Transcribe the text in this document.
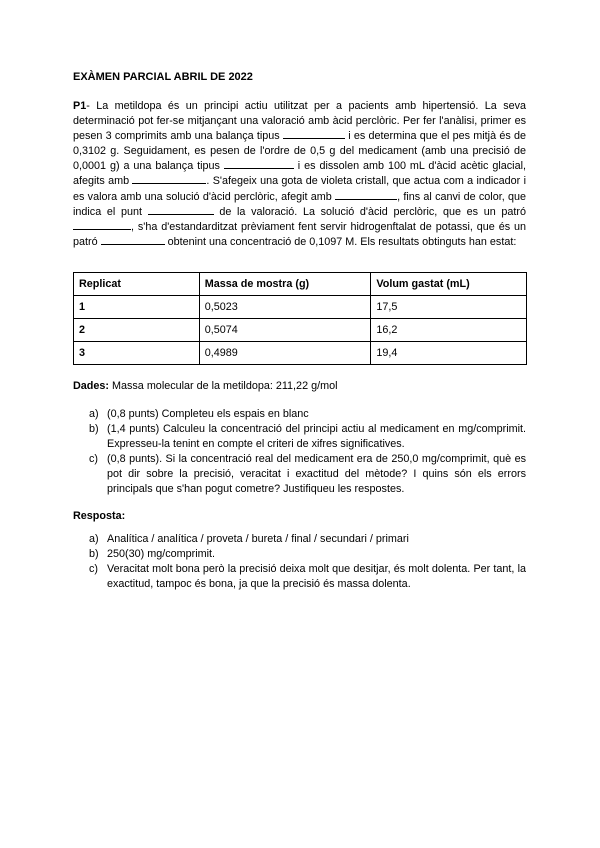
EXÀMEN PARCIAL ABRIL DE 2022
P1- La metildopa és un principi actiu utilitzat per a pacients amb hipertensió. La seva determinació pot fer-se mitjançant una valoració amb àcid perclòric. Per fer l'anàlisi, primer es pesen 3 comprimits amb una balança tipus	i es determina que el pes mitjà és de 0,3102 g. Seguidament, es pesen de l'ordre de 0,5 g del medicament (amb una precisió de 0,0001 g) a una balança tipus	i es dissolen amb 100 mL d'àcid acètic glacial, afegits amb	. S'afegeix una gota de violeta cristall, que actua com a indicador i es valora amb una solució d'àcid perclòric, afegit amb	, fins al canvi de color, que indica el punt	de la valoració. La solució d'àcid perclòric, que es un patró , s'ha d'estandarditzat prèviament fent servir hidrogenftalat de potassi, que és un patró	obtenint una concentració de 0,1097 M. Els resultats obtinguts han estat:
Replicat	Massa de mostra (g)	Volum gastat (mL)
1	0,5023	17,5
2	0,5074	16,2
3	0,4989	19,4
Dades: Massa molecular de la metildopa: 211,22 g/mol
a) (0,8 punts) Completeu els espais en blanc
b) (1,4 punts) Calculeu la concentració del principi actiu al medicament en mg/comprimit. Expresseu-la tenint en compte el criteri de xifres significatives.
c) (0,8 punts). Si la concentració real del medicament era de 250,0 mg/comprimit, què es pot dir sobre la precisió, veracitat i exactitud del mètode? I quins són els errors principals que s'han pogut cometre? Justifiqueu les respostes.
Resposta:
a) Analítica / analítica / proveta / bureta / final / secundari / primari
b) 250(30) mg/comprimit.
c) Veracitat molt bona però la precisió deixa molt que desitjar, és molt dolenta. Per tant, la exactitud, tampoc és bona, ja que la precisió és massa dolenta.
